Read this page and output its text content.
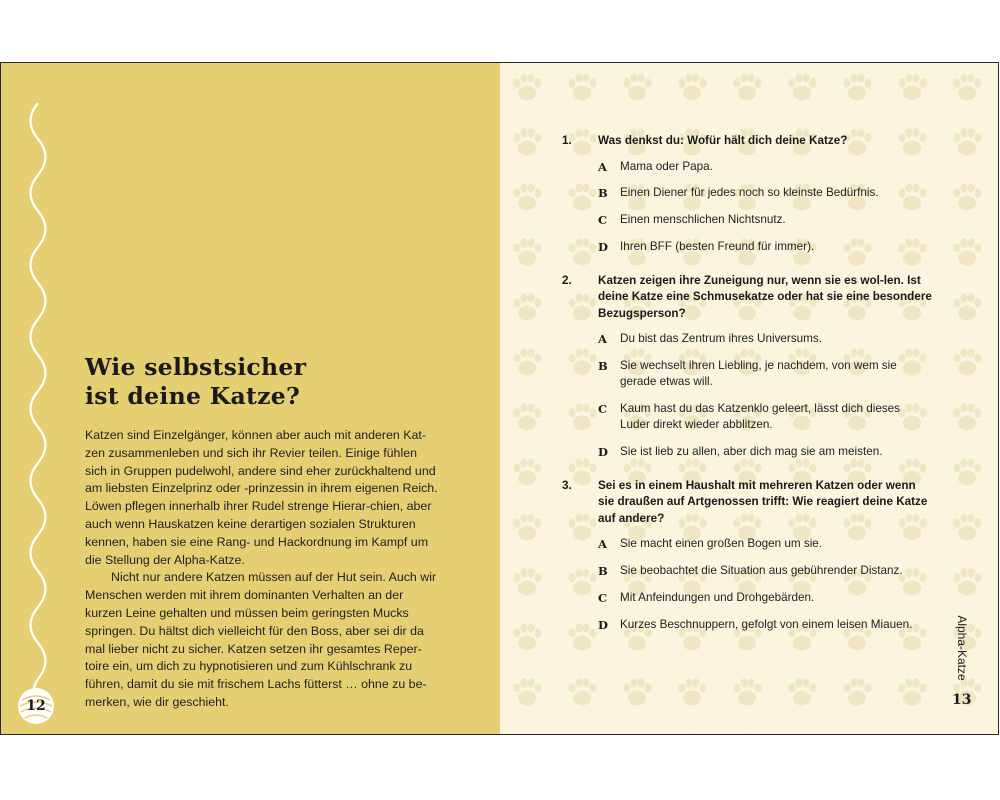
Wie selbstsicher
ist deine Katze?

Katzen sind Einzelgänger, können aber auch mit anderen Kat-zen zusammenleben und sich ihr Revier teilen. Einige fühlen sich in Gruppen pudelwohl, andere sind eher zurückhaltend und am liebsten Einzelprinz oder -prinzessin in ihrem eigenen Reich. Löwen pflegen innerhalb ihrer Rudel strenge Hierar-chien, aber auch wenn Hauskatzen keine derartigen sozialen Strukturen kennen, haben sie eine Rang- und Hackordnung im Kampf um die Stellung der Alpha-Katze.

Nicht nur andere Katzen müssen auf der Hut sein. Auch wir Menschen werden mit ihrem dominanten Verhalten an der kurzen Leine gehalten und müssen beim geringsten Mucks springen. Du hältst dich vielleicht für den Boss, aber sei dir da mal lieber nicht zu sicher. Katzen setzen ihr gesamtes Reper-toire ein, um dich zu hypnotisieren und zum Kühlschrank zu führen, damit du sie mit frischem Lachs fütterst … ohne zu be-merken, wie dir geschieht.

12
1.	Was denkst du: Wofür hält dich deine Katze?
A	Mama oder Papa.
B	Einen Diener für jedes noch so kleinste Bedürfnis.
C	Einen menschlichen Nichtsnutz.
D	Ihren BFF (besten Freund für immer).
2.	Katzen zeigen ihre Zuneigung nur, wenn sie es wol-len. Ist deine Katze eine Schmusekatze oder hat sie eine besondere Bezugsperson?
A	Du bist das Zentrum ihres Universums.
B	Sie wechselt ihren Liebling, je nachdem, von wem sie gerade etwas will.
C	Kaum hast du das Katzenklo geleert, lässt dich dieses Luder direkt wieder abblitzen.
D	Sie ist lieb zu allen, aber dich mag sie am meisten.
3.	Sei es in einem Haushalt mit mehreren Katzen oder wenn sie draußen auf Artgenossen trifft: Wie reagiert deine Katze auf andere?
A	Sie macht einen großen Bogen um sie.
B	Sie beobachtet die Situation aus gebührender Distanz.
C	Mit Anfeindungen und Drohgebärden.
D	Kurzes Beschnuppern, gefolgt von einem leisen Miauen.	Alpha-Katze
13
